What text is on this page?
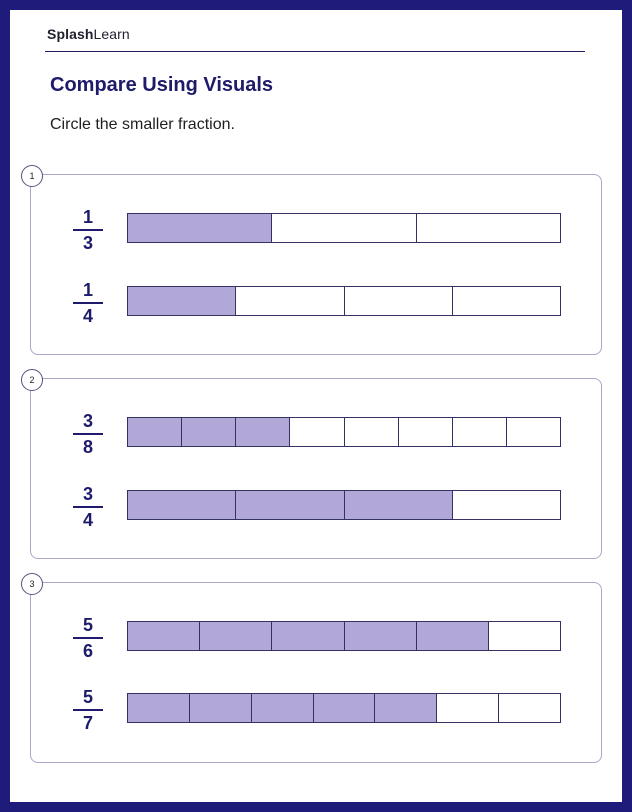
SplashLearn
Compare Using Visuals
Circle the smaller fraction.
1
1
3
1
4
2
3
8
3
4
3
5
6
5
7
